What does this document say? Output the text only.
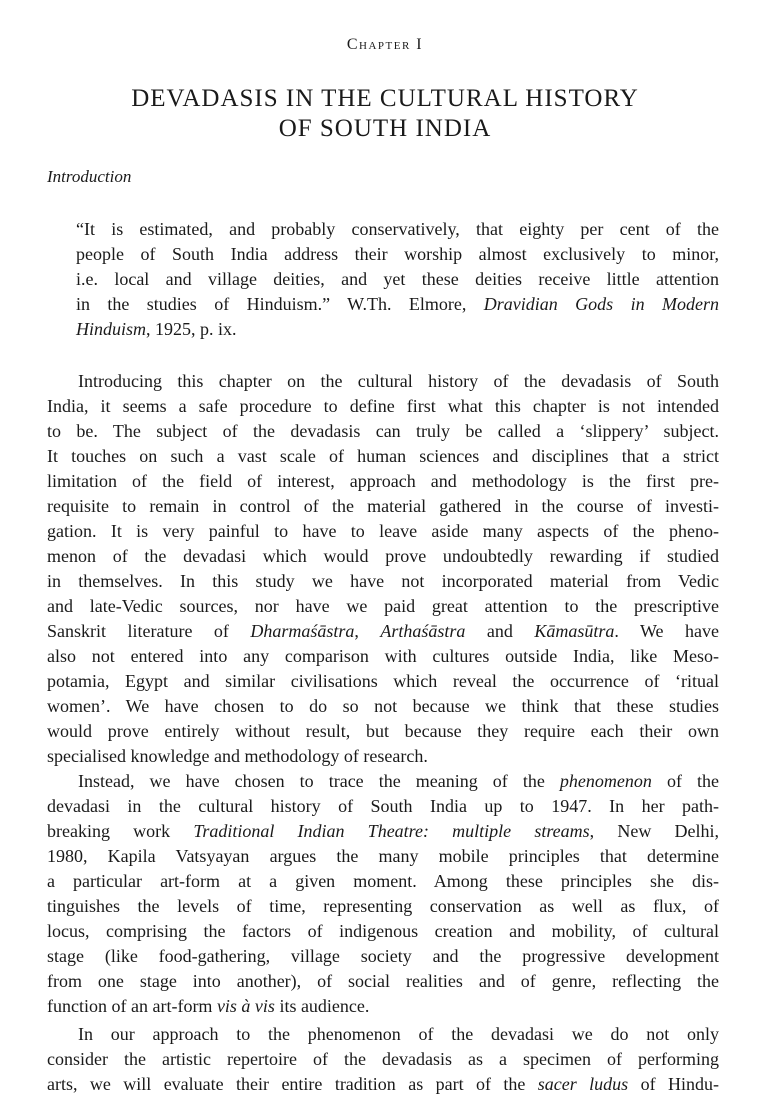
Chapter I
DEVADASIS IN THE CULTURAL HISTORY
OF SOUTH INDIA
Introduction
“It is estimated, and probably conservatively, that eighty per cent of the
people of South India address their worship almost exclusively to minor,
i.e. local and village deities, and yet these deities receive little attention
in the studies of Hinduism.” W.Th. Elmore, Dravidian Gods in Modern
Hinduism, 1925, p. ix.
Introducing this chapter on the cultural history of the devadasis of South
India, it seems a safe procedure to define first what this chapter is not intended
to be. The subject of the devadasis can truly be called a ‘slippery’ subject.
It touches on such a vast scale of human sciences and disciplines that a strict
limitation of the field of interest, approach and methodology is the first pre-
requisite to remain in control of the material gathered in the course of investi-
gation. It is very painful to have to leave aside many aspects of the pheno-
menon of the devadasi which would prove undoubtedly rewarding if studied
in themselves. In this study we have not incorporated material from Vedic
and late-Vedic sources, nor have we paid great attention to the prescriptive
Sanskrit literature of Dharmaśāstra, Arthaśāstra and Kāmasūtra. We have
also not entered into any comparison with cultures outside India, like Meso-
potamia, Egypt and similar civilisations which reveal the occurrence of ‘ritual
women’. We have chosen to do so not because we think that these studies
would prove entirely without result, but because they require each their own
specialised knowledge and methodology of research.
Instead, we have chosen to trace the meaning of the phenomenon of the
devadasi in the cultural history of South India up to 1947. In her path-
breaking work Traditional Indian Theatre: multiple streams, New Delhi,
1980, Kapila Vatsyayan argues the many mobile principles that determine
a particular art-form at a given moment. Among these principles she dis-
tinguishes the levels of time, representing conservation as well as flux, of
locus, comprising the factors of indigenous creation and mobility, of cultural
stage (like food-gathering, village society and the progressive development
from one stage into another), of social realities and of genre, reflecting the
function of an art-form vis à vis its audience.
In our approach to the phenomenon of the devadasi we do not only
consider the artistic repertoire of the devadasis as a specimen of performing
arts, we will evaluate their entire tradition as part of the sacer ludus of Hindu-
